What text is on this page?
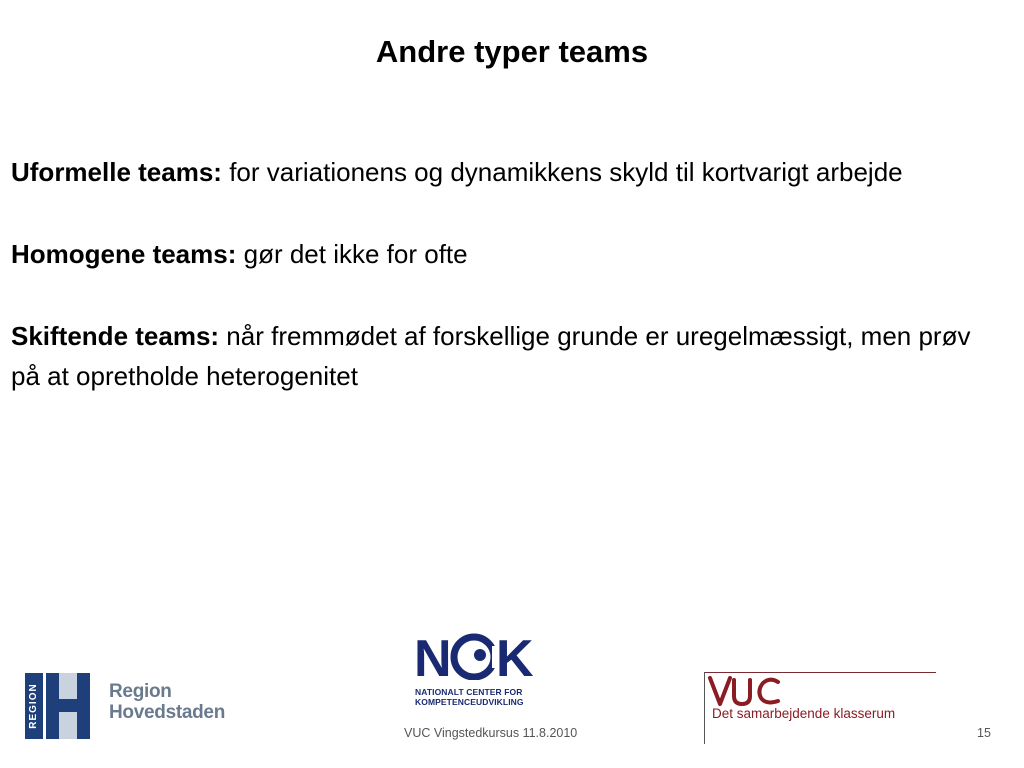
Andre typer teams

Uformelle teams: for variationens og dynamikkens skyld til kortvarigt arbejde

Homogene teams: gør det ikke for ofte

Skiftende teams: når fremmødet af forskellige grunde er uregelmæssigt, men prøv på at opretholde heterogenitet

REGION	Region
Hovedstaden
N K
NATIONALT CENTER FOR
KOMPETENCEUDVIKLING
Det samarbejdende klasserum
VUC Vingstedkursus 11.8.2010	15
